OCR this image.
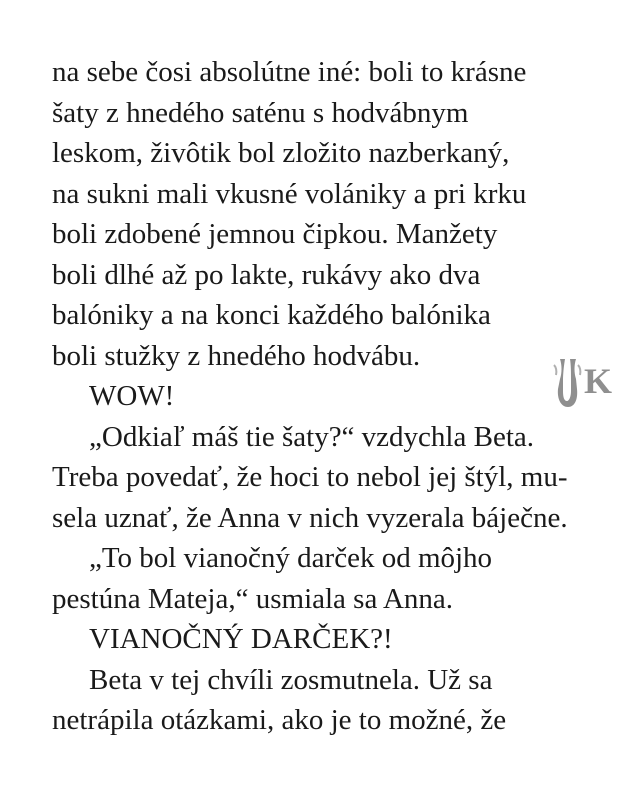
na sebe čosi absolútne iné: boli to krásne
šaty z hnedého saténu s hodvábnym
leskom, živôtik bol zložito nazberkaný,
na sukni mali vkusné volániky a pri krku
boli zdobené jemnou čipkou. Manžety
boli dlhé až po lakte, rukávy ako dva
balóniky a na konci každého balónika
boli stužky z hnedého hodvábu.
WOW!
„Odkiaľ máš tie šaty?“ vzdychla Beta.
Treba povedať, že hoci to nebol jej štýl, mu-
sela uznať, že Anna v nich vyzerala báječne.
„To bol vianočný darček od môjho
pestúna Mateja,“ usmiala sa Anna.
VIANOČNÝ DARČEK?!
Beta v tej chvíli zosmutnela. Už sa
netrápila otázkami, ako je to možné, že
K
